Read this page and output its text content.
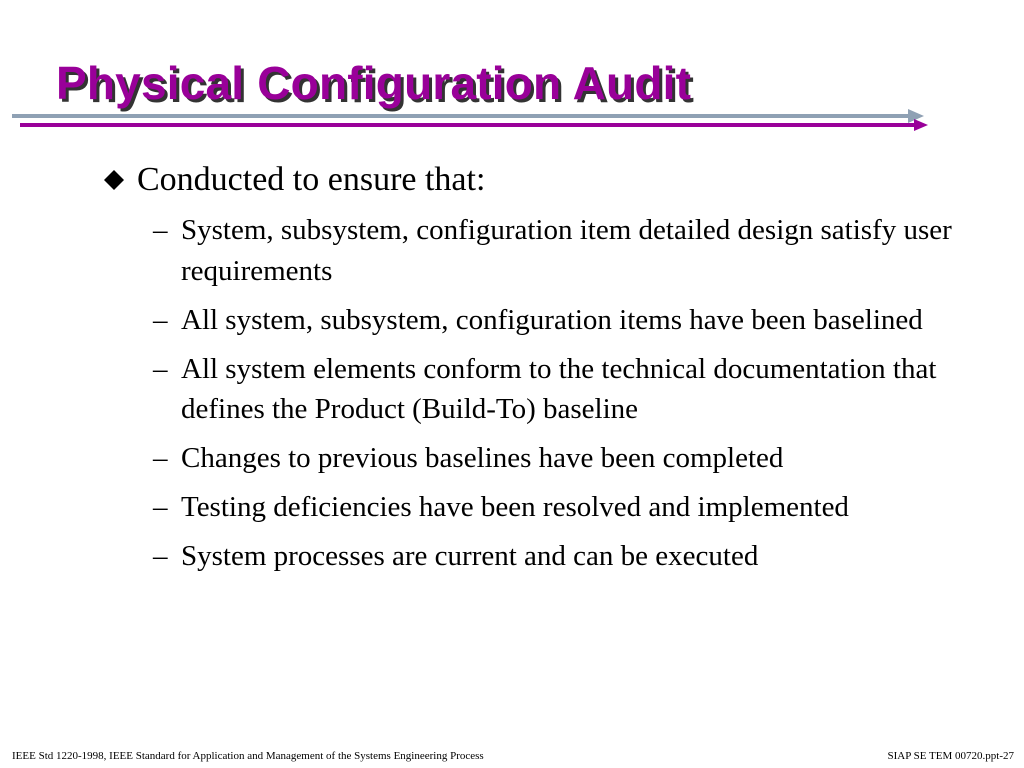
Physical Configuration Audit
Conducted to ensure that:
– System, subsystem, configuration item detailed design satisfy user requirements
– All system, subsystem, configuration items have been baselined
– All system elements conform to the technical documentation that defines the Product (Build-To) baseline
– Changes to previous baselines have been completed
– Testing deficiencies have been resolved and implemented
– System processes are current and can be executed
IEEE Std 1220-1998, IEEE Standard for Application and Management of the Systems Engineering Process	SIAP SE TEM 00720.ppt-27
